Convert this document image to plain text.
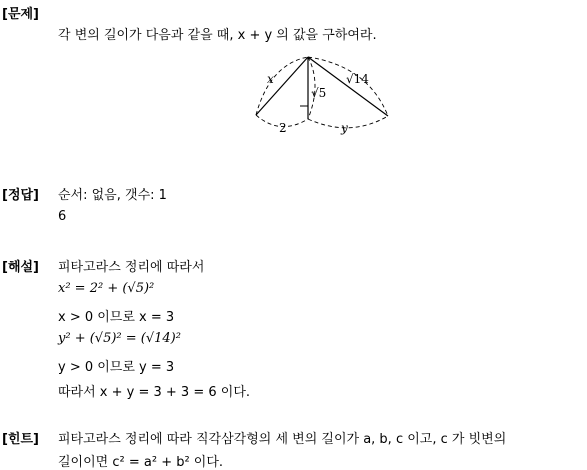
[문제]
각 변의 길이가 다음과 같을 때, x + y 의 값을 구하여라.
x
√5
√14
2	y
[정답] 순서: 없음, 갯수: 1
6
[해설] 피타고라스 정리에 따라서
x² = 2² + (√5)²
x > 0 이므로 x = 3
y² + (√5)² = (√14)²
y > 0 이므로 y = 3
따라서 x + y = 3 + 3 = 6 이다.
[힌트] 피타고라스 정리에 따라 직각삼각형의 세 변의 길이가 a, b, c 이고, c 가 빗변의
길이이면 c² = a² + b² 이다.
